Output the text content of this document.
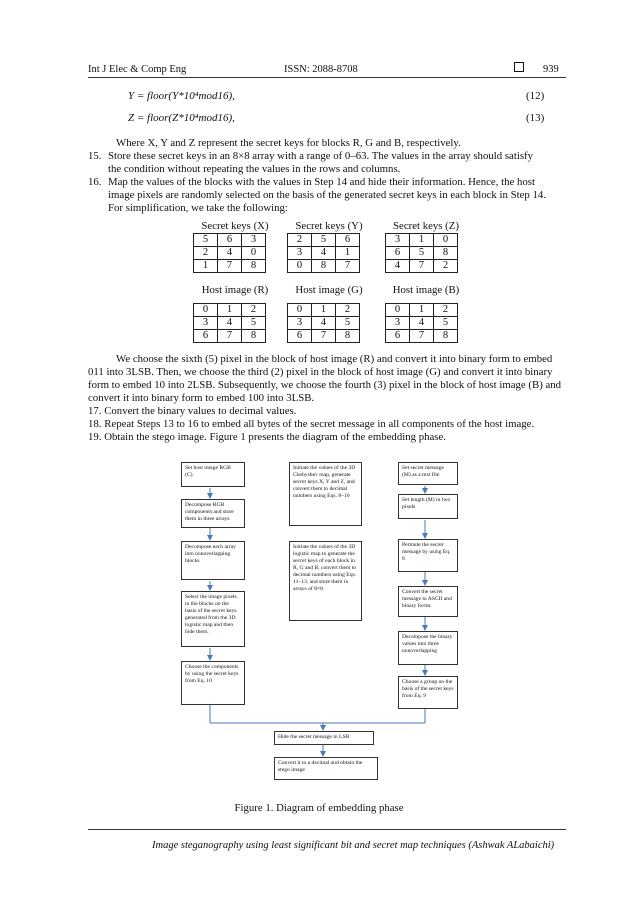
Int J Elec & Comp Eng	ISSN: 2088-8708	939
Y = floor(Y*10⁴mod16),	(12)
Z = floor(Z*10⁴mod16),	(13)
Where X, Y and Z represent the secret keys for blocks R, G and B, respectively.
15. Store these secret keys in an 8×8 array with a range of 0–63. The values in the array should satisfy
the condition without repeating the values in the rows and columns.
16. Map the values of the blocks with the values in Step 14 and hide their information. Hence, the host
image pixels are randomly selected on the basis of the generated secret keys in each block in Step 14.
For simplification, we take the following:
Secret keys (X)	Secret keys (Y)	Secret keys (Z)
5	6	3
2	4	0
1	7	8
2	5	6
3	4	1
0	8	7
3	1	0
6	5	8
4	7	2
Host image (R)	Host image (G)	Host image (B)
0	1	2
3	4	5
6	7	8
0	1	2
3	4	5
6	7	8
0	1	2
3	4	5
6	7	8
We choose the sixth (5) pixel in the block of host image (R) and convert it into binary form to embed
011 into 3LSB. Then, we choose the third (2) pixel in the block of host image (G) and convert it into binary
form to embed 10 into 2LSB. Subsequently, we choose the fourth (3) pixel in the block of host image (B) and
convert it into binary form to embed 100 into 3LSB.
17. Convert the binary values to decimal values.
18. Repeat Steps 13 to 16 to embed all bytes of the secret message in all components of the host image.
19. Obtain the stego image. Figure 1 presents the diagram of the embedding phase.
Set host image RGB (C).
Decompose RGB components and store them in three arrays
Decompose each array into nonoverlapping blocks
Select the image pixels in the blocks on the basis of the secret keys generated from the 3D logistic map and then hide them.
Choose the components by using the secret keys from Eq. 10
Initiate the values of the 3D Chebyshev map, generate secret keys X, Y and Z, and convert them to decimal numbers using Eqs. 8–10
Initiate the values of the 3D logistic map to generate the secret keys of each block in R, G and B, convert them to decimal numbers using Eqs. 11–13, and store them in arrays of 8×8.
Set secret message (M) as a text file
Set length (M) in two pixels
Permute the secret message by using Eq. 8
Convert the secret message to ASCII and binary forms
Decompose the binary values into three nonoverlapping
Choose a group on the basis of the secret keys from Eq. 9
Hide the secret message in LSB
Convert it to a decimal and obtain the stego image
Figure 1. Diagram of embedding phase
Image steganography using least significant bit and secret map techniques (Ashwak ALabaichi)
